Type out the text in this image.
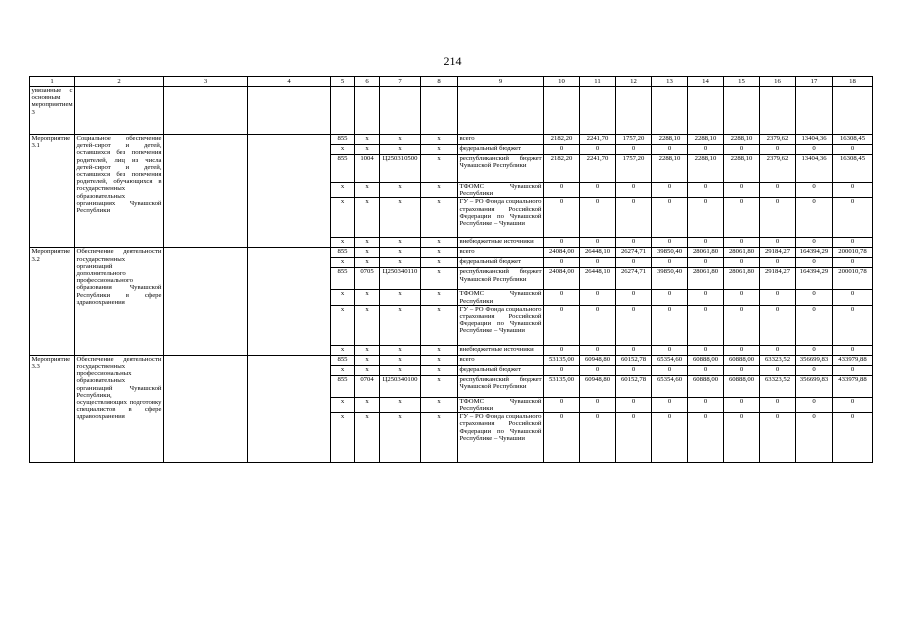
214
1	2	3	4	5	6	7	8	9	10	11	12	13	14	15	16	17	18
увязанные с основным мероприятием 3																	
Мероприятие 3.1	Социальное обеспечение детей-сирот и детей, оставшихся без попечения родителей, лиц из числа детей-сирот и детей, оставшихся без попечения родителей, обучающихся в государственных образовательных организациях Чувашской Республики			855	x	x	x	всего	2182,20	2241,70	1757,20	2288,10	2288,10	2288,10	2379,62	13404,36	16308,45
				x	x	x	x	федеральный бюджет	0	0	0	0	0	0	0	0	0
				855	1004	Ц250310500	x	республиканский бюджет Чувашской Республики	2182,20	2241,70	1757,20	2288,10	2288,10	2288,10	2379,62	13404,36	16308,45
				x	x	x	x	ТФОМС Чувашской Республики	0	0	0	0	0	0	0	0	0
				x	x	x	x	ГУ – РО Фонда социального страхования Российской Федерации по Чувашской Республике – Чувашии	0	0	0	0	0	0	0	0	0
				x	x	x	x	внебюджетные источники	0	0	0	0	0	0	0	0	0
Мероприятие 3.2	Обеспечение деятельности государственных организаций дополнительного профессионального образования Чувашской Республики в сфере здравоохранения			855	x	x	x	всего	24084,00	26448,10	26274,71	39850,40	28061,80	28061,80	29184,27	164394,29	200010,78
				x	x	x	x	федеральный бюджет	0	0	0	0	0	0	0	0	0
				855	0705	Ц250340110	x	республиканский бюджет Чувашской Республики	24084,00	26448,10	26274,71	39850,40	28061,80	28061,80	29184,27	164394,29	200010,78
				x	x	x	x	ТФОМС Чувашской Республики	0	0	0	0	0	0	0	0	0
				x	x	x	x	ГУ – РО Фонда социального страхования Российской Федерации по Чувашской Республике – Чувашии	0	0	0	0	0	0	0	0	0
				x	x	x	x	внебюджетные источники	0	0	0	0	0	0	0	0	0
Мероприятие 3.3	Обеспечение деятельности государственных профессиональных образовательных организаций Чувашской Республики, осуществляющих подготовку специалистов в сфере здравоохранения			855	x	x	x	всего	53135,00	60948,80	60152,78	65354,60	60888,00	60888,00	63323,52	356699,83	433979,88
				x	x	x	x	федеральный бюджет	0	0	0	0	0	0	0	0	0
				855	0704	Ц250340100	x	республиканский бюджет Чувашской Республики	53135,00	60948,80	60152,78	65354,60	60888,00	60888,00	63323,52	356699,83	433979,88
				x	x	x	x	ТФОМС Чувашской Республики	0	0	0	0	0	0	0	0	0
				x	x	x	x	ГУ – РО Фонда социального страхования Российской Федерации по Чувашской Республике – Чувашии	0	0	0	0	0	0	0	0	0
